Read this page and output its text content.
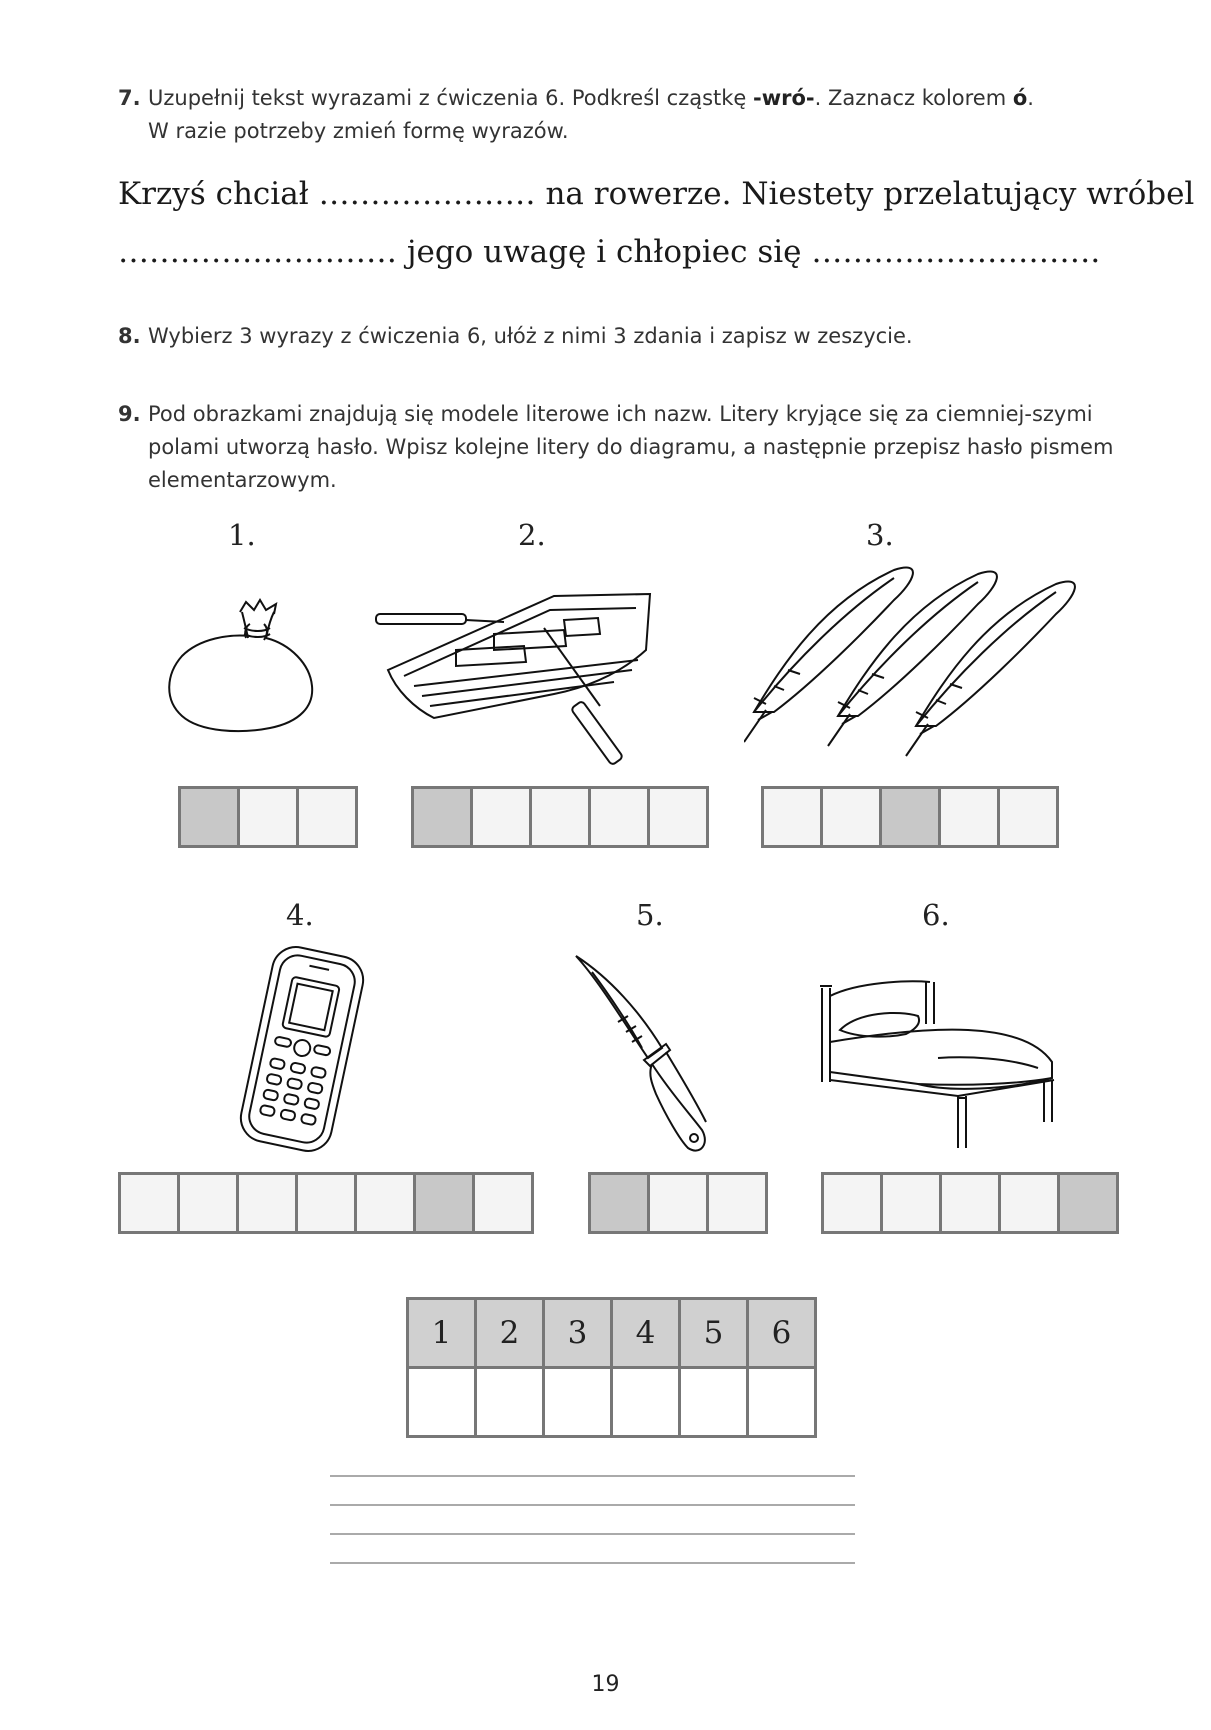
7. Uzupełnij tekst wyrazami z ćwiczenia 6. Podkreśl cząstkę -wró-. Zaznacz kolorem ó.
W razie potrzeby zmień formę wyrazów.
Krzyś chciał ………………… na rowerze. Niestety przelatujący wróbel
……………………… jego uwagę i chłopiec się ……………………….
8. Wybierz 3 wyrazy z ćwiczenia 6, ułóż z nimi 3 zdania i zapisz w zeszycie.
9. Pod obrazkami znajdują się modele literowe ich nazw. Litery kryjące się za ciemniej-szymi polami utworzą hasło. Wpisz kolejne litery do diagramu, a następnie przepisz hasło pismem elementarzowym.
1.	2.	3.
4.	5.	6.
1	2	3	4	5	6

19
